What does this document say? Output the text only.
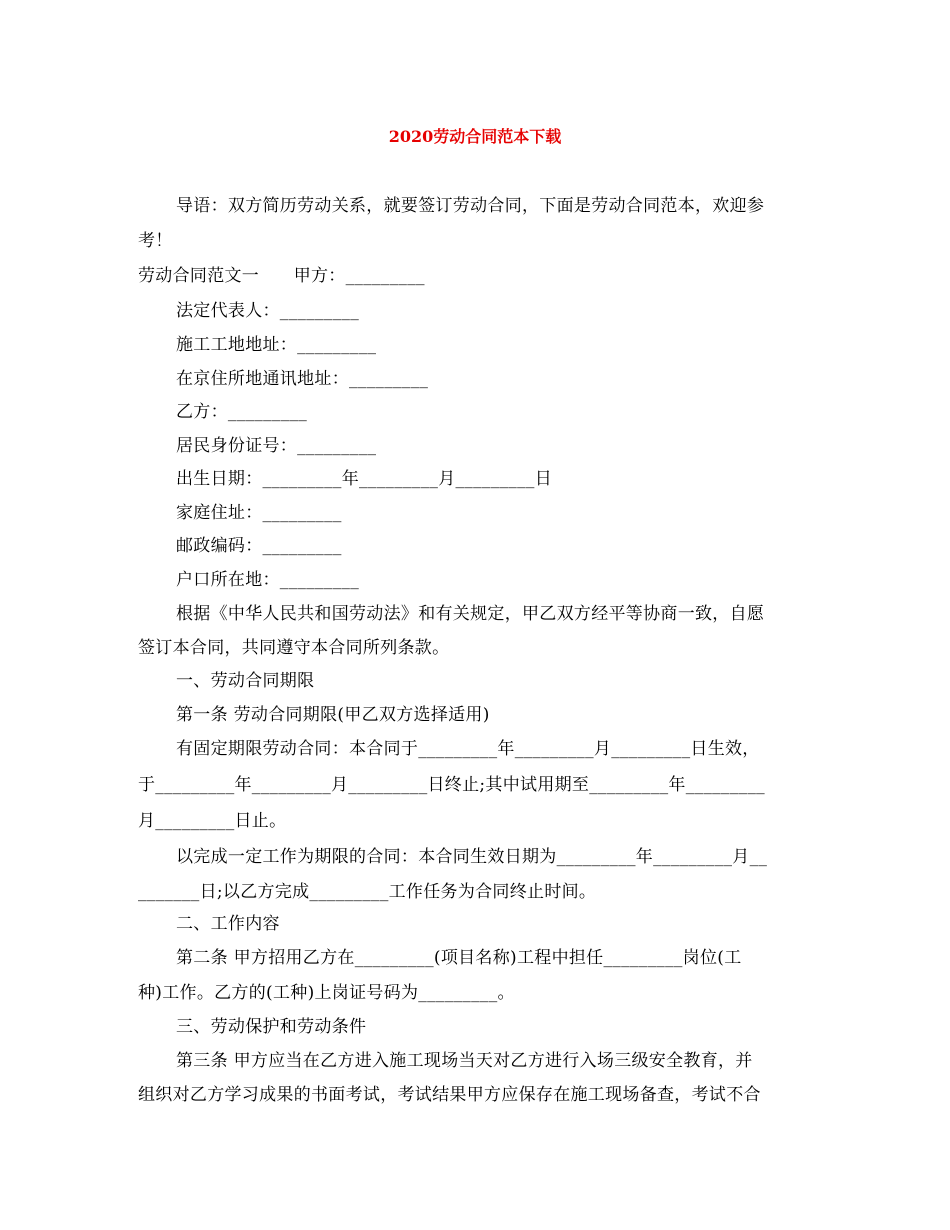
2020劳动合同范本下载
导语：双方简历劳动关系，就要签订劳动合同，下面是劳动合同范本，欢迎参
考！
劳动合同范文一　　甲方：_________
法定代表人：_________
施工工地地址：_________
在京住所地通讯地址：_________
乙方：_________
居民身份证号：_________
出生日期：_________年_________月_________日
家庭住址：_________
邮政编码：_________
户口所在地：_________
根据《中华人民共和国劳动法》和有关规定，甲乙双方经平等协商一致，自愿
签订本合同，共同遵守本合同所列条款。
一、劳动合同期限
第一条 劳动合同期限(甲乙双方选择适用)
有固定期限劳动合同：本合同于_________年_________月_________日生效，
于_________年_________月_________日终止;其中试用期至_________年_________
月_________日止。
以完成一定工作为期限的合同：本合同生效日期为_________年_________月__
_______日;以乙方完成_________工作任务为合同终止时间。
二、工作内容
第二条 甲方招用乙方在_________(项目名称)工程中担任_________岗位(工
种)工作。乙方的(工种)上岗证号码为_________。
三、劳动保护和劳动条件
第三条 甲方应当在乙方进入施工现场当天对乙方进行入场三级安全教育，并
组织对乙方学习成果的书面考试，考试结果甲方应保存在施工现场备查，考试不合
